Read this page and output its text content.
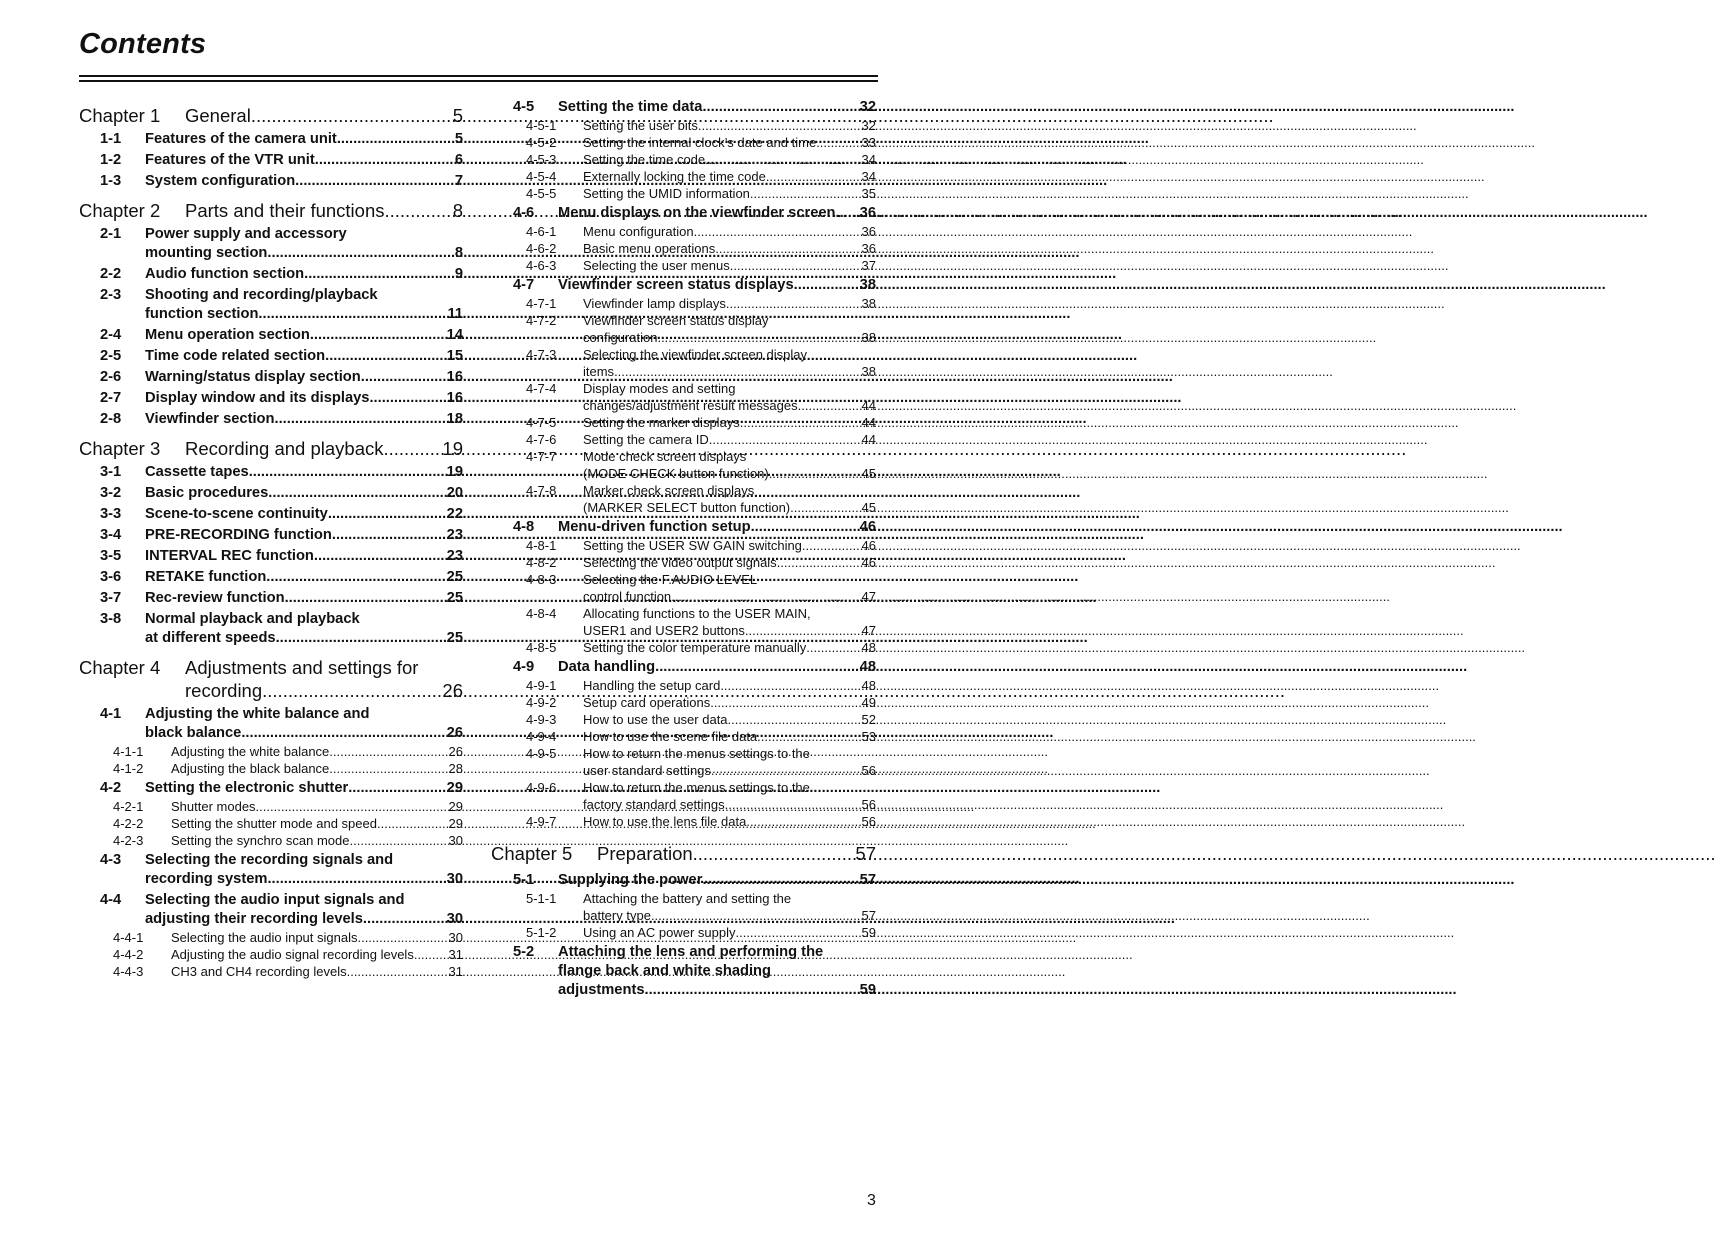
Contents
Chapter 1	General .....	5
1-1	Features of the camera unit .....	5
1-2	Features of the VTR unit .....	6
1-3	System configuration .....	7
Chapter 2	Parts and their functions .....	8
2-1	Power supply and accessory
mounting section .....	8
2-2	Audio function section .....	9
2-3	Shooting and recording/playback
function section .....	11
2-4	Menu operation section .....	14
2-5	Time code related section .....	15
2-6	Warning/status display section .....	16
2-7	Display window and its displays .....	16
2-8	Viewfinder section .....	18
Chapter 3	Recording and playback .....	19
3-1	Cassette tapes .....	19
3-2	Basic procedures .....	20
3-3	Scene-to-scene continuity .....	22
3-4	PRE-RECORDING function .....	23
3-5	INTERVAL REC function .....	23
3-6	RETAKE function .....	25
3-7	Rec-review function .....	25
3-8	Normal playback and playback
at different speeds .....	25
Chapter 4	Adjustments and settings for
recording .....	26
4-1	Adjusting the white balance and
black balance .....	26
4-1-1	Adjusting the white balance .....	26
4-1-2	Adjusting the black balance .....	28
4-2	Setting the electronic shutter .....	29
4-2-1	Shutter modes .....	29
4-2-2	Setting the shutter mode and speed .....	29
4-2-3	Setting the synchro scan mode .....	30
4-3	Selecting the recording signals and
recording system .....	30
4-4	Selecting the audio input signals and
adjusting their recording levels .....	30
4-4-1	Selecting the audio input signals .....	30
4-4-2	Adjusting the audio signal recording levels .....	31
4-4-3	CH3 and CH4 recording levels .....	31
4-5	Setting the time data .....	32
4-5-1	Setting the user bits .....	32
4-5-2	Setting the internal clock’s date and time .....	33
4-5-3	Setting the time code .....	34
4-5-4	Externally locking the time code .....	34
4-5-5	Setting the UMID information .....	35
4-6	Menu displays on the viewfinder screen ..... 36
4-6-1	Menu configuration .....	36
4-6-2	Basic menu operations .....	36
4-6-3	Selecting the user menus .....	37
4-7	Viewfinder screen status displays .....	38
4-7-1	Viewfinder lamp displays .....	38
4-7-2	Viewfinder screen status display
configuration .....	38
4-7-3	Selecting the viewfinder screen display
items .....	38
4-7-4	Display modes and setting
changes/adjustment result messages .....	44
4-7-5	Setting the marker displays .....	44
4-7-6	Setting the camera ID .....	44
4-7-7	Mode check screen displays
(MODE CHECK button function) .....	45
4-7-8	Marker check screen displays
(MARKER SELECT button function) .....	45
4-8	Menu-driven function setup .....	46
4-8-1	Setting the USER SW GAIN switching .....	46
4-8-2	Selecting the video output signals .....	46
4-8-3	Selecting the F.AUDIO LEVEL
control function .....	47
4-8-4	Allocating functions to the USER MAIN,
USER1 and USER2 buttons .....	47
4-8-5	Setting the color temperature manually .....	48
4-9	Data handling .....	48
4-9-1	Handling the setup card .....	48
4-9-2	Setup card operations .....	49
4-9-3	How to use the user data .....	52
4-9-4	How to use the scene file data .....	53
4-9-5	How to return the menus settings to the
user standard settings .....	56
4-9-6	How to return the menus settings to the
factory standard settings .....	56
4-9-7	How to use the lens file data .....	56
Chapter 5	Preparation .....	57
5-1	Supplying the power .....	57
5-1-1	Attaching the battery and setting the
battery type .....	57
5-1-2	Using an AC power supply .....	59
5-2	Attaching the lens and performing the
flange back and white shading
adjustments .....	59
3
